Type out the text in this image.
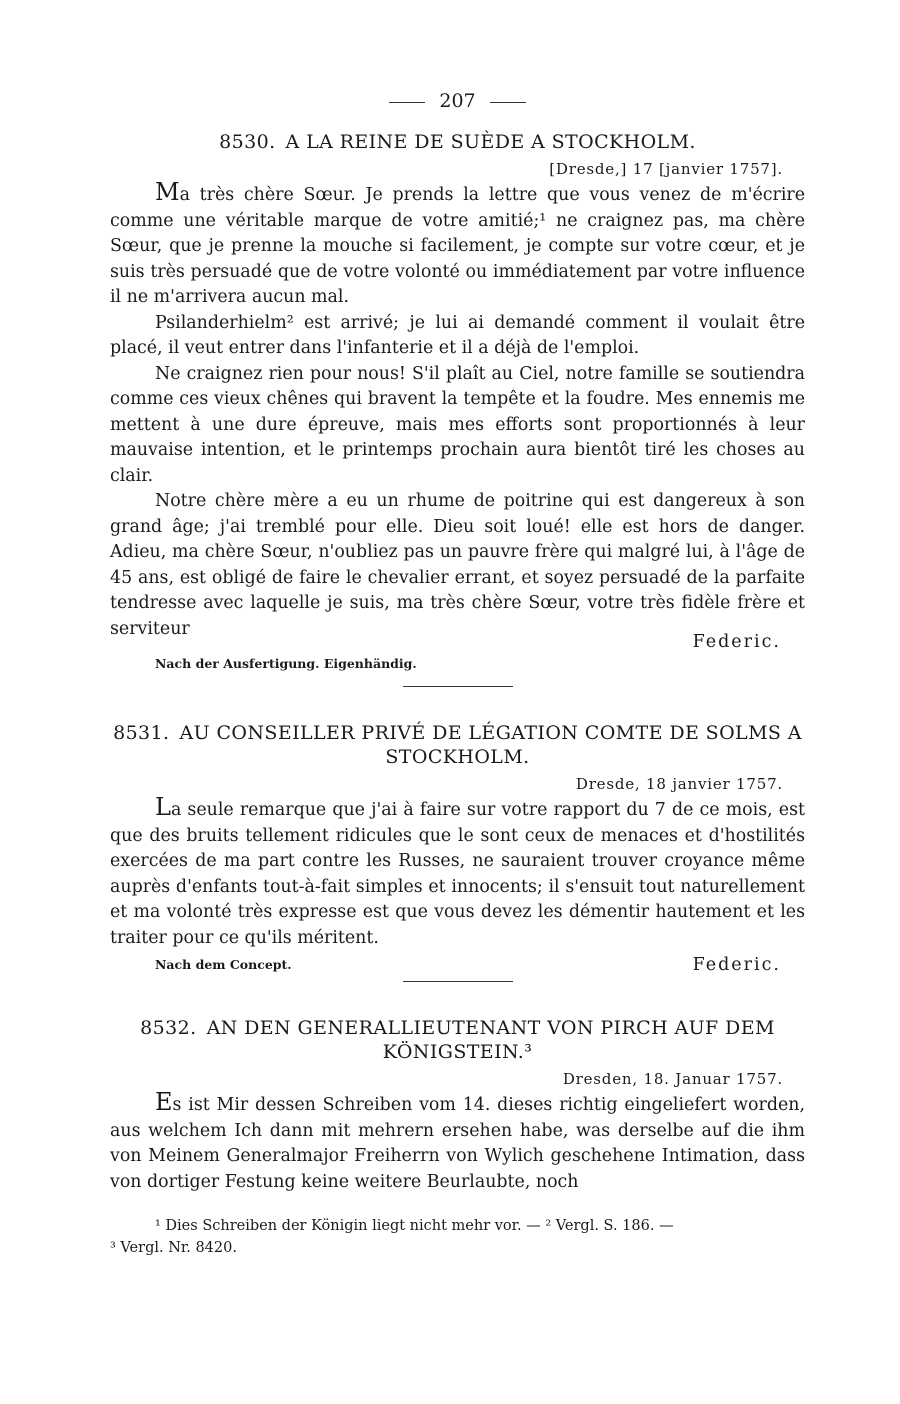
207
8530. A LA REINE DE SUÈDE A STOCKHOLM.
[Dresde,] 17 [janvier 1757].

Ma très chère Sœur. Je prends la lettre que vous venez de m'écrire comme une véritable marque de votre amitié;¹ ne craignez pas, ma chère Sœur, que je prenne la mouche si facilement, je compte sur votre cœur, et je suis très persuadé que de votre volonté ou immédiatement par votre influence il ne m'arrivera aucun mal.

Psilanderhielm² est arrivé; je lui ai demandé comment il voulait être placé, il veut entrer dans l'infanterie et il a déjà de l'emploi.

Ne craignez rien pour nous! S'il plaît au Ciel, notre famille se soutiendra comme ces vieux chênes qui bravent la tempête et la foudre. Mes ennemis me mettent à une dure épreuve, mais mes efforts sont proportionnés à leur mauvaise intention, et le printemps prochain aura bientôt tiré les choses au clair.

Notre chère mère a eu un rhume de poitrine qui est dangereux à son grand âge; j'ai tremblé pour elle. Dieu soit loué! elle est hors de danger. Adieu, ma chère Sœur, n'oubliez pas un pauvre frère qui malgré lui, à l'âge de 45 ans, est obligé de faire le chevalier errant, et soyez persuadé de la parfaite tendresse avec laquelle je suis, ma très chère Sœur, votre très fidèle frère et serviteur

Federic.
Nach der Ausfertigung. Eigenhändig.
8531. AU CONSEILLER PRIVÉ DE LÉGATION COMTE DE SOLMS A STOCKHOLM.
Dresde, 18 janvier 1757.

La seule remarque que j'ai à faire sur votre rapport du 7 de ce mois, est que des bruits tellement ridicules que le sont ceux de menaces et d'hostilités exercées de ma part contre les Russes, ne sauraient trouver croyance même auprès d'enfants tout-à-fait simples et innocents; il s'ensuit tout naturellement et ma volonté très expresse est que vous devez les démentir hautement et les traiter pour ce qu'ils méritent.

Nach dem Concept.	Federic.
8532. AN DEN GENERALLIEUTENANT VON PIRCH AUF DEM KÖNIGSTEIN.³
Dresden, 18. Januar 1757.

Es ist Mir dessen Schreiben vom 14. dieses richtig eingeliefert worden, aus welchem Ich dann mit mehrern ersehen habe, was derselbe auf die ihm von Meinem Generalmajor Freiherrn von Wylich geschehene Intimation, dass von dortiger Festung keine weitere Beurlaubte, noch

¹ Dies Schreiben der Königin liegt nicht mehr vor. — ² Vergl. S. 186. —

³ Vergl. Nr. 8420.
